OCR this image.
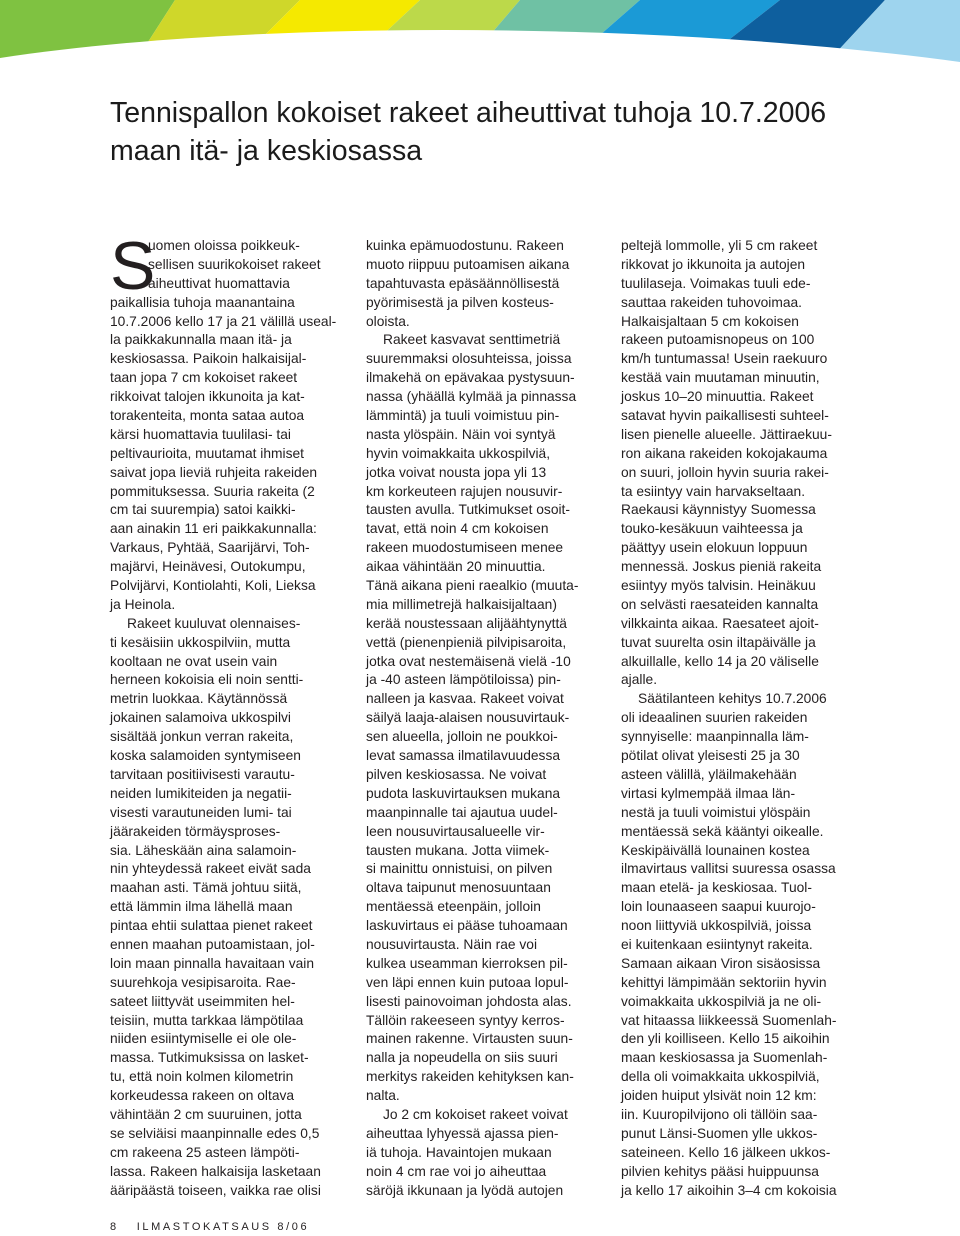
Tennispallon kokoiset rakeet aiheuttivat tuhoja 10.7.2006
maan itä- ja keskiosassa
S
uomen oloissa poikkeuk-
sellisen suurikokoiset rakeet
aiheuttivat huomattavia
paikallisia tuhoja maanantaina
10.7.2006 kello 17 ja 21 välillä useal-
la paikkakunnalla maan itä- ja
keskiosassa. Paikoin halkaisijal-
taan jopa 7 cm kokoiset rakeet
rikkoivat talojen ikkunoita ja kat-
torakenteita, monta sataa autoa
kärsi huomattavia tuulilasi- tai
peltivaurioita, muutamat ihmiset
saivat jopa lieviä ruhjeita rakeiden
pommituksessa. Suuria rakeita (2
cm tai suurempia) satoi kaikki-
aan ainakin 11 eri paikkakunnalla:
Varkaus, Pyhtää, Saarijärvi, Toh-
majärvi, Heinävesi, Outokumpu,
Polvijärvi, Kontiolahti, Koli, Lieksa
ja Heinola.
Rakeet kuuluvat olennaises-
ti kesäisiin ukkospilviin, mutta
kooltaan ne ovat usein vain
herneen kokoisia eli noin sentti-
metrin luokkaa. Käytännössä
jokainen salamoiva ukkospilvi
sisältää jonkun verran rakeita,
koska salamoiden syntymiseen
tarvitaan positiivisesti varautu-
neiden lumikiteiden ja negatii-
visesti varautuneiden lumi- tai
jäärakeiden törmäysproses-
sia. Läheskään aina salamoin-
nin yhteydessä rakeet eivät sada
maahan asti. Tämä johtuu siitä,
että lämmin ilma lähellä maan
pintaa ehtii sulattaa pienet rakeet
ennen maahan putoamistaan, jol-
loin maan pinnalla havaitaan vain
suurehkoja vesipisaroita. Rae-
sateet liittyvät useimmiten hel-
teisiin, mutta tarkkaa lämpötilaa
niiden esiintymiselle ei ole ole-
massa. Tutkimuksissa on lasket-
tu, että noin kolmen kilometrin
korkeudessa rakeen on oltava
vähintään 2 cm suuruinen, jotta
se selviäisi maanpinnalle edes 0,5
cm rakeena 25 asteen lämpöti-
lassa. Rakeen halkaisija lasketaan
ääripäästä toiseen, vaikka rae olisi
kuinka epämuodostunu. Rakeen
muoto riippuu putoamisen aikana
tapahtuvasta epäsäännöllisestä
pyörimisestä ja pilven kosteus-
oloista.
Rakeet kasvavat senttimetriä
suuremmaksi olosuhteissa, joissa
ilmakehä on epävakaa pystysuun-
nassa (yhäällä kylmää ja pinnassa
lämmintä) ja tuuli voimistuu pin-
nasta ylöspäin. Näin voi syntyä
hyvin voimakkaita ukkospilviä,
jotka voivat nousta jopa yli 13
km korkeuteen rajujen nousuvir-
tausten avulla. Tutkimukset osoit-
tavat, että noin 4 cm kokoisen
rakeen muodostumiseen menee
aikaa vähintään 20 minuuttia.
Tänä aikana pieni raealkio (muuta-
mia millimetrejä halkaisijaltaan)
kerää noustessaan alijäähtynyttä
vettä (pienenpieniä pilvipisaroita,
jotka ovat nestemäisenä vielä -10
ja -40 asteen lämpötiloissa) pin-
nalleen ja kasvaa. Rakeet voivat
säilyä laaja-alaisen nousuvirtauk-
sen alueella, jolloin ne poukkoi-
levat samassa ilmatilavuudessa
pilven keskiosassa. Ne voivat
pudota laskuvirtauksen mukana
maanpinnalle tai ajautua uudel-
leen nousuvirtausalueelle vir-
tausten mukana. Jotta viimek-
si mainittu onnistuisi, on pilven
oltava taipunut menosuuntaan
mentäessä eteenpäin, jolloin
laskuvirtaus ei pääse tuhoamaan
nousuvirtausta. Näin rae voi
kulkea useamman kierroksen pil-
ven läpi ennen kuin putoaa lopul-
lisesti painovoiman johdosta alas.
Tällöin rakeeseen syntyy kerros-
mainen rakenne. Virtausten suun-
nalla ja nopeudella on siis suuri
merkitys rakeiden kehityksen kan-
nalta.
Jo 2 cm kokoiset rakeet voivat
aiheuttaa lyhyessä ajassa pien-
iä tuhoja. Havaintojen mukaan
noin 4 cm rae voi jo aiheuttaa
säröjä ikkunaan ja lyödä autojen
peltejä lommolle, yli 5 cm rakeet
rikkovat jo ikkunoita ja autojen
tuulilaseja. Voimakas tuuli ede-
sauttaa rakeiden tuhovoimaa.
Halkaisjaltaan 5 cm kokoisen
rakeen putoamisnopeus on 100
km/h tuntumassa! Usein raekuuro
kestää vain muutaman minuutin,
joskus 10–20 minuuttia. Rakeet
satavat hyvin paikallisesti suhteel-
lisen pienelle alueelle. Jättiraekuu-
ron aikana rakeiden kokojakauma
on suuri, jolloin hyvin suuria rakei-
ta esiintyy vain harvakseltaan.
Raekausi käynnistyy Suomessa
touko-kesäkuun vaihteessa ja
päättyy usein elokuun loppuun
mennessä. Joskus pieniä rakeita
esiintyy myös talvisin. Heinäkuu
on selvästi raesateiden kannalta
vilkkainta aikaa. Raesateet ajoit-
tuvat suurelta osin iltapäivälle ja
alkuillalle, kello 14 ja 20 väliselle
ajalle.
Säätilanteen kehitys 10.7.2006
oli ideaalinen suurien rakeiden
synnyiselle: maanpinnalla läm-
pötilat olivat yleisesti 25 ja 30
asteen välillä, yläilmakehään
virtasi kylmempää ilmaa län-
nestä ja tuuli voimistui ylöspäin
mentäessä sekä kääntyi oikealle.
Keskipäivällä lounainen kostea
ilmavirtaus vallitsi suuressa osassa
maan etelä- ja keskiosaa. Tuol-
loin lounaaseen saapui kuurojo-
noon liittyviä ukkospilviä, joissa
ei kuitenkaan esiintynyt rakeita.
Samaan aikaan Viron sisäosissa
kehittyi lämpimään sektoriin hyvin
voimakkaita ukkospilviä ja ne oli-
vat hitaassa liikkeessä Suomenlah-
den yli koilliseen. Kello 15 aikoihin
maan keskiosassa ja Suomenlah-
della oli voimakkaita ukkospilviä,
joiden huiput ylsivät noin 12 km:
iin. Kuuropilvijono oli tällöin saa-
punut Länsi-Suomen ylle ukkos-
sateineen. Kello 16 jälkeen ukkos-
pilvien kehitys pääsi huippuunsa
ja kello 17 aikoihin 3–4 cm kokoisia
8 ILMASTOKATSAUS 8/06
